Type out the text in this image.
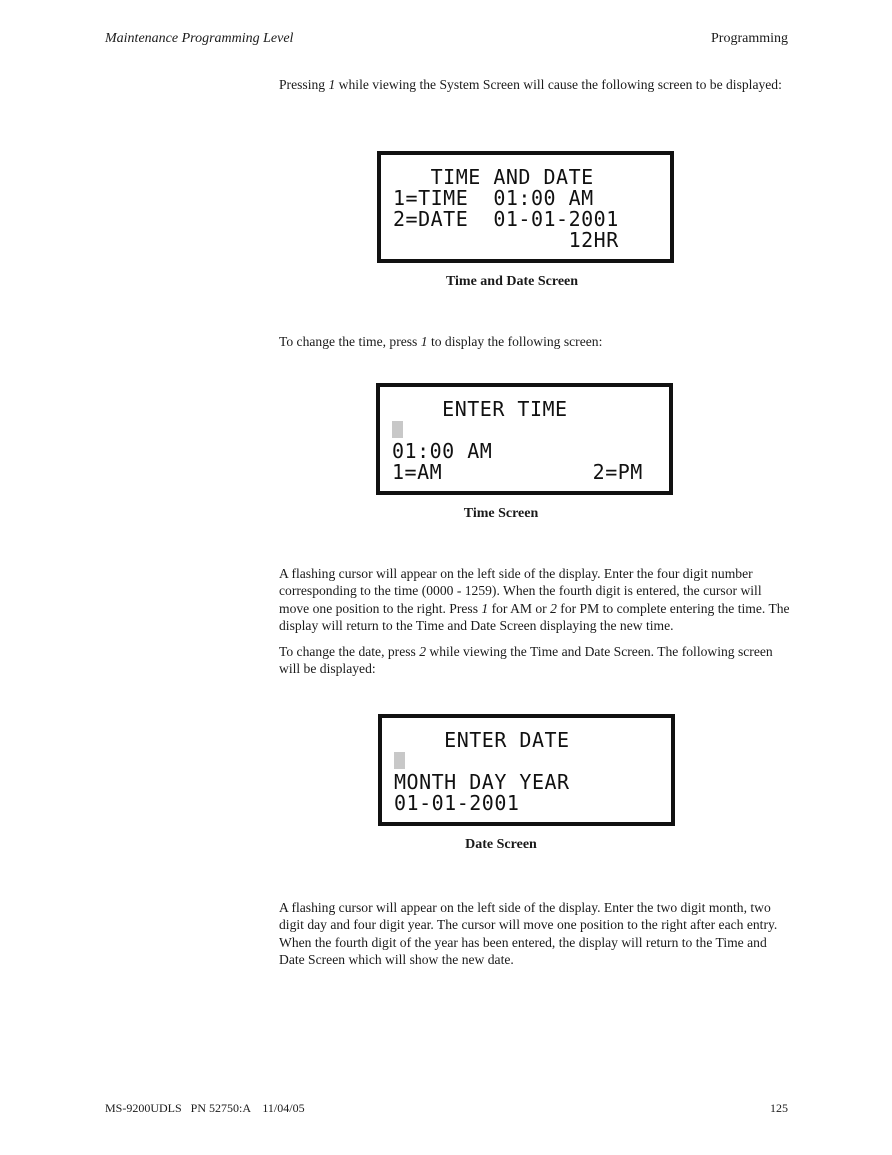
Maintenance Programming Level	Programming
Pressing 1 while viewing the System Screen will cause the following screen to be displayed:
TIME AND DATE
1=TIME  01:00 AM
2=DATE  01-01-2001
12HR
Time and Date Screen
To change the time, press 1 to display the following screen:
ENTER TIME
01:00 AM
1=AM            2=PM
Time Screen
A flashing cursor will appear on the left side of the display. Enter the four digit number corresponding to the time (0000 - 1259). When the fourth digit is entered, the cursor will move one position to the right. Press 1 for AM or 2 for PM to complete entering the time. The display will return to the Time and Date Screen displaying the new time.
To change the date, press 2 while viewing the Time and Date Screen. The following screen will be displayed:
ENTER DATE
MONTH DAY YEAR
01-01-2001
Date Screen
A flashing cursor will appear on the left side of the display. Enter the two digit month, two digit day and four digit year. The cursor will move one position to the right after each entry. When the fourth digit of the year has been entered, the display will return to the Time and Date Screen which will show the new date.
MS-9200UDLS   PN 52750:A    11/04/05	125
